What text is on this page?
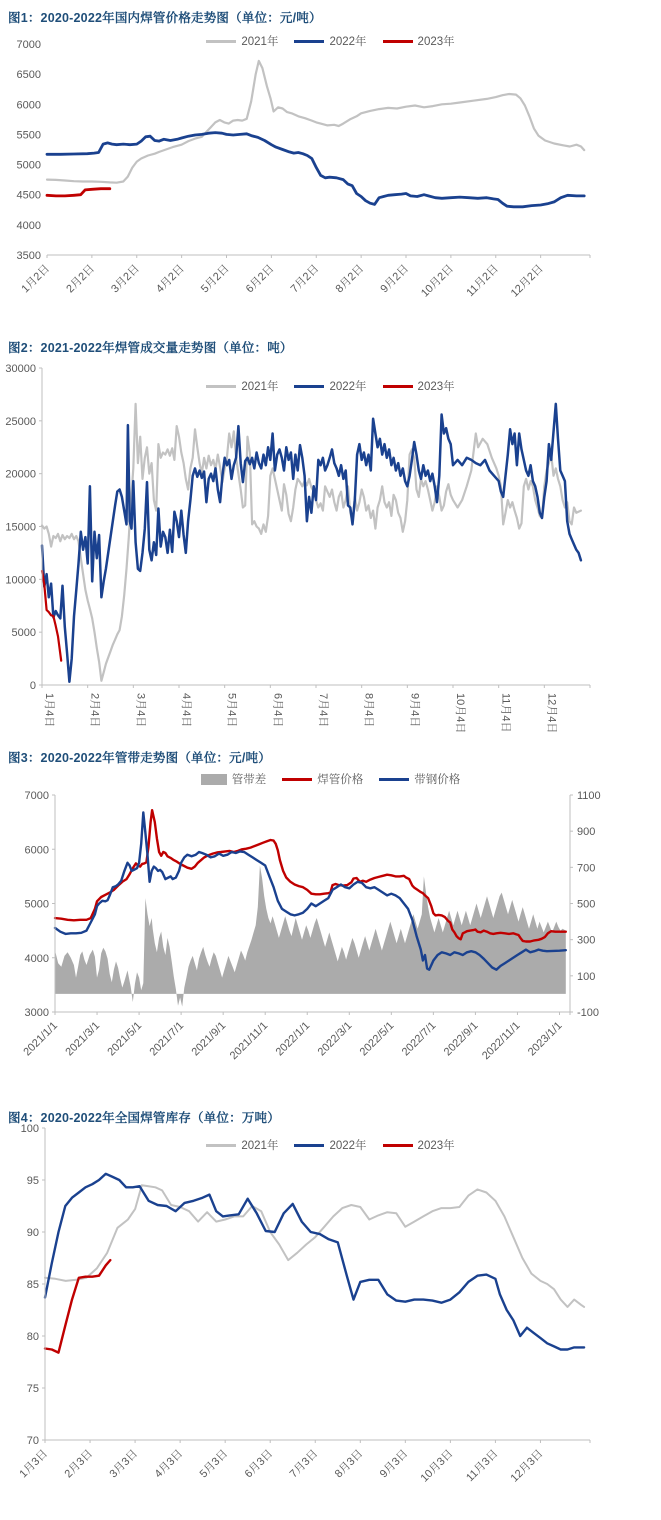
图1：2020-2022年国内焊管价格走势图（单位：元/吨）
2021年	2022年	2023年
3500
4000
4500
5000
5500
6000
6500
7000
1月2日 2月2日 3月2日 4月2日 5月2日 6月2日 7月2日 8月2日 9月2日 10月2日 11月2日 12月2日
图2：2021-2022年焊管成交量走势图（单位：吨）
2021年	2022年	2023年
0
5000
10000
15000
20000
25000
30000
1月4日	2月4日	3月4日	4月4日	5月4日	6月4日	7月4日	8月4日	9月4日	10月4日	11月4日	12月4日
图3：2020-2022年管带走势图（单位：元/吨）
管带差	焊管价格	带钢价格
3000
4000
5000
6000
7000
-100
100
300
500
700
900
1100
2021/1/1 2021/3/1 2021/5/1 2021/7/1 2021/9/1 2021/11/1 2022/1/1 2022/3/1 2022/5/1 2022/7/1 2022/9/1 2022/11/1 2023/1/1
图4：2020-2022年全国焊管库存（单位：万吨）
2021年	2022年	2023年
70
75
80
85
90
95
100
1月3日 2月3日 3月3日 4月3日 5月3日 6月3日 7月3日 8月3日 9月3日 10月3日 11月3日 12月3日
